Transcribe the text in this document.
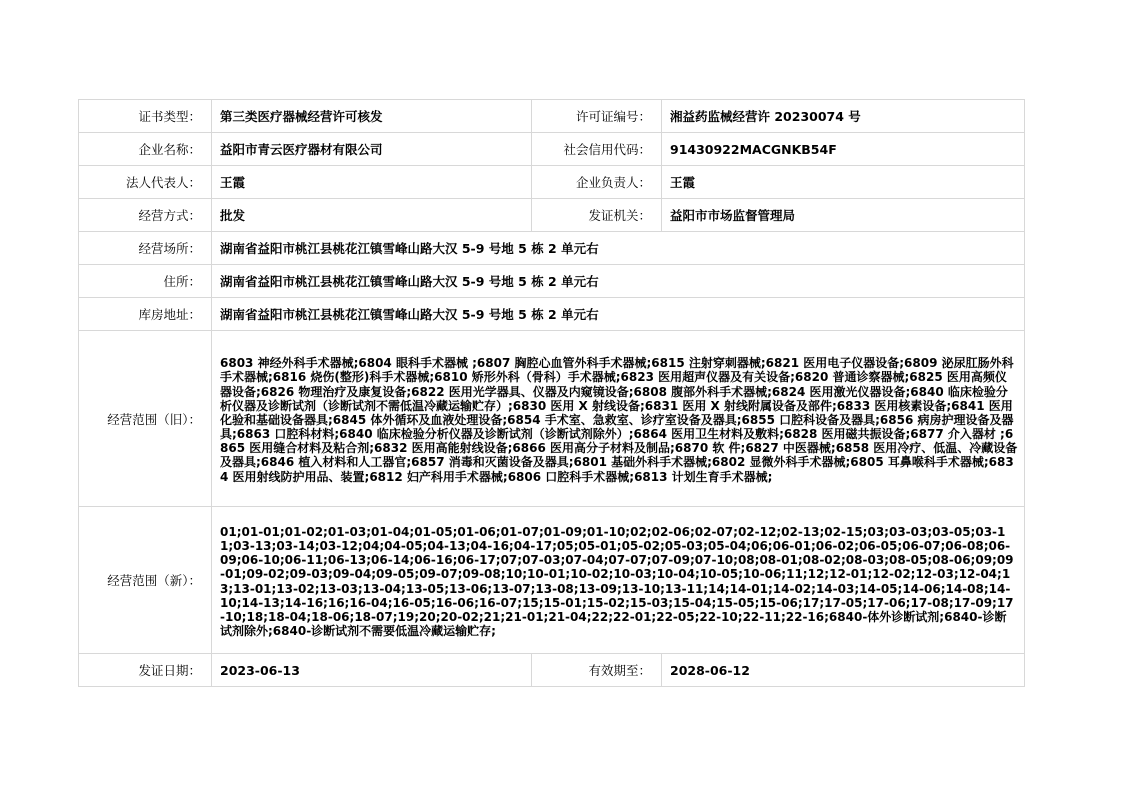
证书类型：	第三类医疗器械经营许可核发	许可证编号：	湘益药监械经营许 20230074 号
企业名称：	益阳市青云医疗器材有限公司	社会信用代码：	91430922MACGNKB54F
法人代表人：	王霞	企业负责人：	王霞
经营方式：	批发	发证机关：	益阳市市场监督管理局
经营场所：	湖南省益阳市桃江县桃花江镇雪峰山路大汉 5-9 号地 5 栋 2 单元右		
住所：	湖南省益阳市桃江县桃花江镇雪峰山路大汉 5-9 号地 5 栋 2 单元右		
库房地址：	湖南省益阳市桃江县桃花江镇雪峰山路大汉 5-9 号地 5 栋 2 单元右		
经营范围（旧）：	6803 神经外科手术器械;6804 眼科手术器械 ;6807 胸腔心血管外科手术器械;6815 注射穿刺器械;6821 医用电子仪器设备;6809 泌尿肛肠外科手术器械;6816 烧伤(整形)科手术器械;6810 矫形外科（骨科）手术器械;6823 医用超声仪器及有关设备;6820 普通诊察器械;6825 医用高频仪器设备;6826 物理治疗及康复设备;6822 医用光学器具、仪器及内窥镜设备;6808 腹部外科手术器械;6824 医用激光仪器设备;6840 临床检验分析仪器及诊断试剂（诊断试剂不需低温冷藏运输贮存）;6830 医用 X 射线设备;6831 医用 X 射线附属设备及部件;6833 医用核素设备;6841 医用化验和基础设备器具;6845 体外循环及血液处理设备;6854 手术室、急救室、诊疗室设备及器具;6855 口腔科设备及器具;6856 病房护理设备及器具;6863 口腔科材料;6840 临床检验分析仪器及诊断试剂（诊断试剂除外）;6864 医用卫生材料及敷料;6828 医用磁共振设备;6877 介入器材 ;6865 医用缝合材料及粘合剂;6832 医用高能射线设备;6866 医用高分子材料及制品;6870 软 件;6827 中医器械;6858 医用冷疗、低温、冷藏设备及器具;6846 植入材料和人工器官;6857 消毒和灭菌设备及器具;6801 基础外科手术器械;6802 显微外科手术器械;6805 耳鼻喉科手术器械;6834 医用射线防护用品、装置;6812 妇产科用手术器械;6806 口腔科手术器械;6813 计划生育手术器械;		
经营范围（新）：	01;01-01;01-02;01-03;01-04;01-05;01-06;01-07;01-09;01-10;02;02-06;02-07;02-12;02-13;02-15;03;03-03;03-05;03-11;03-13;03-14;03-12;04;04-05;04-13;04-16;04-17;05;05-01;05-02;05-03;05-04;06;06-01;06-02;06-05;06-07;06-08;06-09;06-10;06-11;06-13;06-14;06-16;06-17;07;07-03;07-04;07-07;07-09;07-10;08;08-01;08-02;08-03;08-05;08-06;09;09-01;09-02;09-03;09-04;09-05;09-07;09-08;10;10-01;10-02;10-03;10-04;10-05;10-06;11;12;12-01;12-02;12-03;12-04;13;13-01;13-02;13-03;13-04;13-05;13-06;13-07;13-08;13-09;13-10;13-11;14;14-01;14-02;14-03;14-05;14-06;14-08;14-10;14-13;14-16;16;16-04;16-05;16-06;16-07;15;15-01;15-02;15-03;15-04;15-05;15-06;17;17-05;17-06;17-08;17-09;17-10;18;18-04;18-06;18-07;19;20;20-02;21;21-01;21-04;22;22-01;22-05;22-10;22-11;22-16;6840-体外诊断试剂;6840-诊断试剂除外;6840-诊断试剂不需要低温冷藏运输贮存;		
发证日期：	2023-06-13	有效期至：	2028-06-12
